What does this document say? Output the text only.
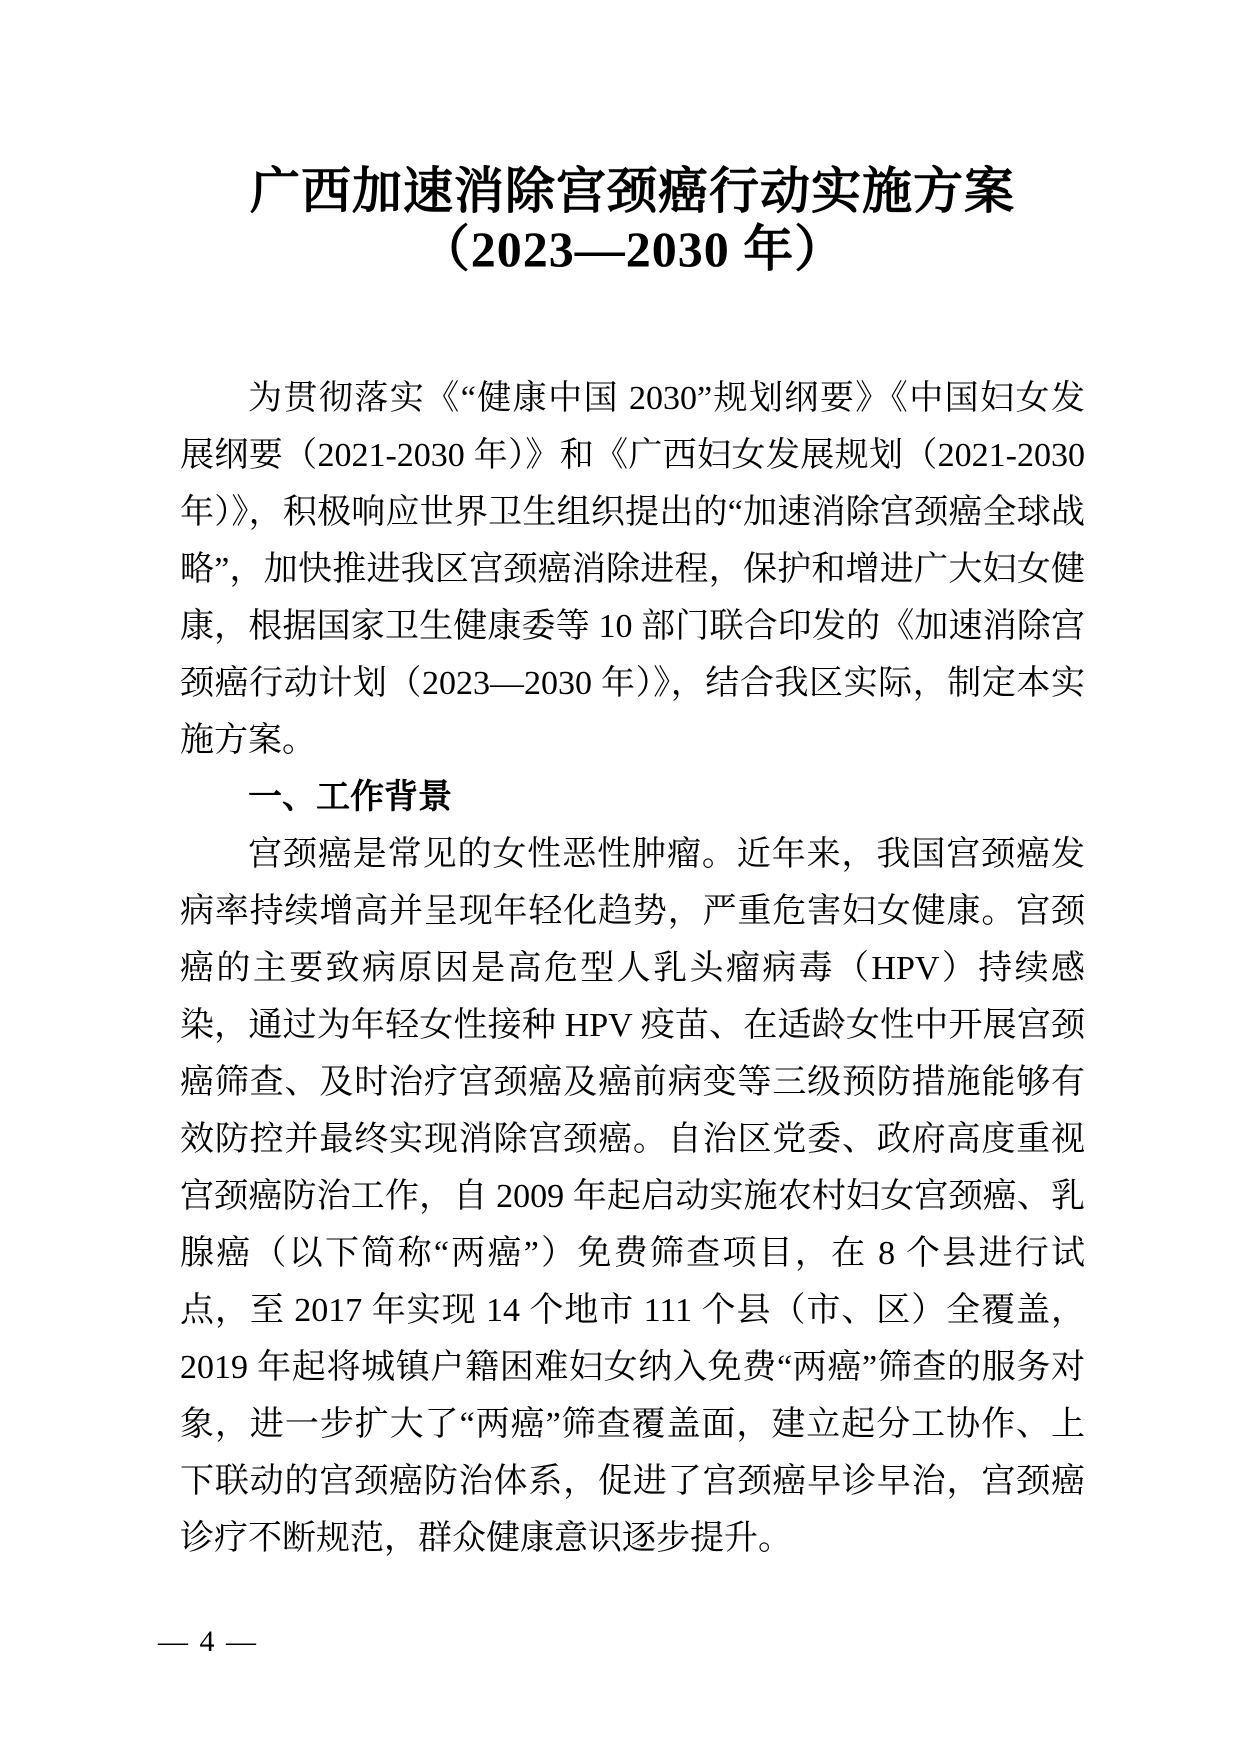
广西加速消除宫颈癌行动实施方案
（2023—2030 年）

为贯彻落实《“健康中国 2030”规划纲要》《中国妇女发展纲要（2021-2030 年）》和《广西妇女发展规划（2021-2030 年）》，积极响应世界卫生组织提出的“加速消除宫颈癌全球战略”，加快推进我区宫颈癌消除进程，保护和增进广大妇女健康，根据国家卫生健康委等 10 部门联合印发的《加速消除宫颈癌行动计划（2023—2030 年）》，结合我区实际，制定本实施方案。

一、工作背景

宫颈癌是常见的女性恶性肿瘤。近年来，我国宫颈癌发病率持续增高并呈现年轻化趋势，严重危害妇女健康。宫颈癌的主要致病原因是高危型人乳头瘤病毒（HPV）持续感染，通过为年轻女性接种 HPV 疫苗、在适龄女性中开展宫颈癌筛查、及时治疗宫颈癌及癌前病变等三级预防措施能够有效防控并最终实现消除宫颈癌。自治区党委、政府高度重视宫颈癌防治工作，自 2009 年起启动实施农村妇女宫颈癌、乳腺癌（以下简称“两癌”）免费筛查项目，在 8 个县进行试点，至 2017 年实现 14 个地市 111 个县（市、区）全覆盖，2019 年起将城镇户籍困难妇女纳入免费“两癌”筛查的服务对象，进一步扩大了“两癌”筛查覆盖面，建立起分工协作、上下联动的宫颈癌防治体系，促进了宫颈癌早诊早治，宫颈癌诊疗不断规范，群众健康意识逐步提升。

— 4 —
